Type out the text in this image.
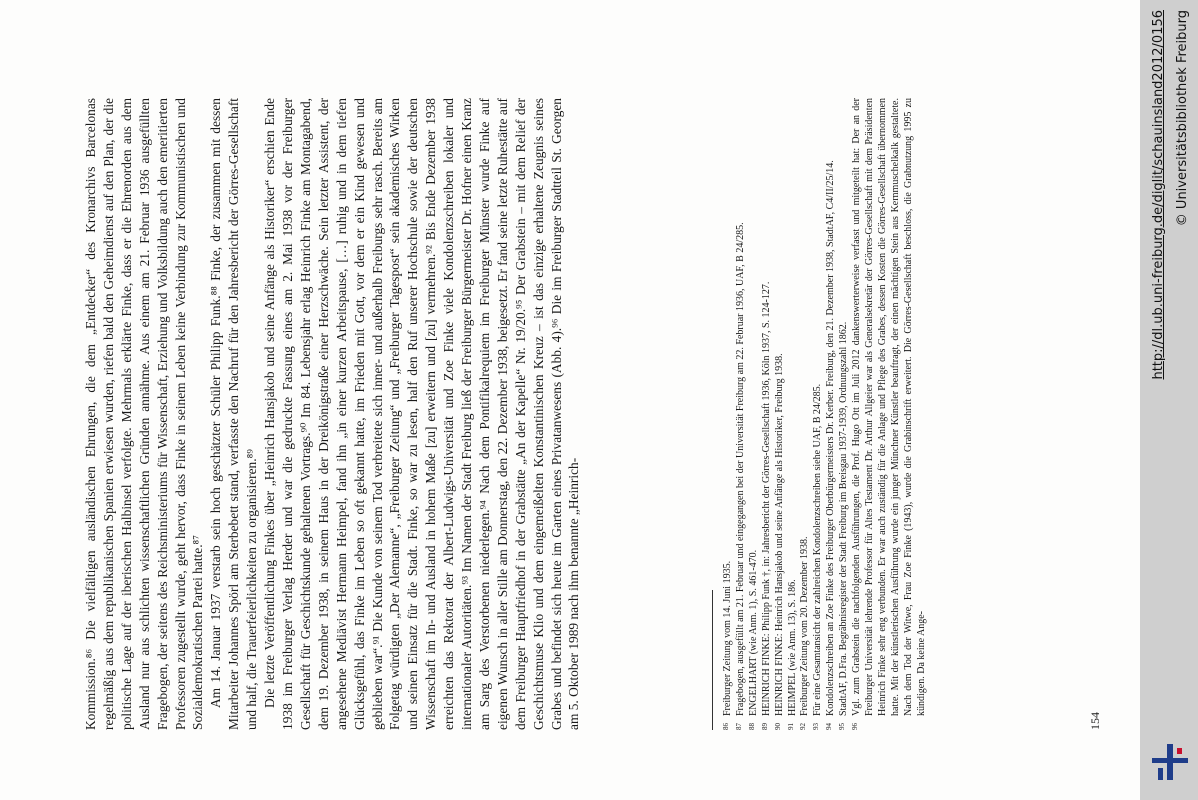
Kommission.⁸⁶ Die vielfältigen ausländischen Ehrungen, die dem „Entdecker“ des Kronarchivs Barcelonas regelmäßig aus dem republikanischen Spanien erwiesen wurden, riefen bald den Geheimdienst auf den Plan, der die politische Lage auf der iberischen Halbinsel verfolgte. Mehrmals erklärte Finke, dass er die Ehrenorden aus dem Ausland nur aus schlichten wissenschaftlichen Gründen annähme. Aus einem am 21. Februar 1936 ausgefüllten Fragebogen, der seitens des Reichsministeriums für Wissenschaft, Erziehung und Volksbildung auch den emeritierten Professoren zugestellt wurde, geht hervor, dass Finke in seinem Leben keine Verbindung zur Kommunistischen und Sozialdemokratischen Partei hatte.⁸⁷ Am 14. Januar 1937 verstarb sein hoch geschätzter Schüler Philipp Funk.⁸⁸ Finke, der zusammen mit dessen Mitarbeiter Johannes Spörl am Sterbebett stand, verfasste den Nachruf für den Jahresbericht der Görres-Gesellschaft und half, die Trauerfeierlichkeiten zu organisieren.⁸⁹ Die letzte Veröffentlichung Finkes über „Heinrich Hansjakob und seine Anfänge als Historiker“ erschien Ende 1938 im Freiburger Verlag Herder und war die gedruckte Fassung eines am 2. Mai 1938 vor der Freiburger Gesellschaft für Geschichtskunde gehaltenen Vortrags.⁹⁰ Im 84. Lebensjahr erlag Heinrich Finke am Montagabend, dem 19. Dezember 1938, in seinem Haus in der Dreikönigstraße einer Herzschwäche. Sein letzter Assistent, der angesehene Mediävist Hermann Heimpel, fand ihn „in einer kurzen Arbeitspause, […] ruhig und in dem tiefen Glücksgefühl, das Finke im Leben so oft gekannt hatte, im Frieden mit Gott, vor dem er ein Kind gewesen und geblieben war“.⁹¹ Die Kunde von seinem Tod verbreitete sich inner- und außerhalb Freiburgs sehr rasch. Bereits am Folgetag würdigten „Der Alemanne“, „Freiburger Zeitung“ und „Freiburger Tagespost“ sein akademisches Wirken und seinen Einsatz für die Stadt. Finke, so war zu lesen, half den Ruf unserer Hochschule sowie der deutschen Wissenschaft im In- und Ausland in hohem Maße [zu] erweitern und [zu] vermehren.⁹² Bis Ende Dezember 1938 erreichten das Rektorat der Albert-Ludwigs-Universität und Zoe Finke viele Kondolenzschreiben lokaler und internationaler Autoritäten.⁹³ Im Namen der Stadt Freiburg ließ der Freiburger Bürgermeister Dr. Hofner einen Kranz am Sarg des Verstorbenen niederlegen.⁹⁴ Nach dem Pontifikalrequiem im Freiburger Münster wurde Finke auf eigenen Wunsch in aller Stille am Donnerstag, den 22. Dezember 1938, beigesetzt. Er fand seine letzte Ruhestätte auf dem Freiburger Hauptfriedhof in der Grabstätte „An der Kapelle“ Nr. 19/20.⁹⁵ Der Grabstein – mit dem Relief der Geschichtsmuse Klio und dem eingemeißelten Konstantinischen Kreuz – ist das einzige erhaltene Zeugnis seines Grabes und befindet sich heute im Garten eines Privatanwesens (Abb. 4).⁹⁶ Die im Freiburger Stadtteil St. Georgen am 5. Oktober 1989 nach ihm benannte „Heinrich-	86
Freiburger Zeitung vom 14. Juni 1935.
87
Fragebogen, ausgefüllt am 21. Februar und eingegangen bei der Universität Freiburg am 22. Februar 1936, UAF, B 24/285.
88
ENGELHART (wie Anm. 1), S. 461-470.
89
HEINRICH FINKE: Philipp Funk †, in: Jahresbericht der Görres-Gesellschaft 1936, Köln 1937, S. 124-127.
90
HEINRICH FINKE: Heinrich Hansjakob und seine Anfänge als Historiker, Freiburg 1938.
91
HEIMPEL (wie Anm. 13), S. 186.
92
Freiburger Zeitung vom 20. Dezember 1938.
93
Für eine Gesamtansicht der zahlreichen Kondolenzschreiben siehe UAF, B 24/285.
94
Kondolenzschreiben an Zoe Finke des Freiburger Oberbürgermeisters Dr. Kerber. Freiburg, den 21. Dezember 1938, StadtAF, C4/II/25/14.
95
StadtAF, D.Fra. Begräbnisregister der Stadt Freiburg im Breisgau 1937-1939, Ordnungszahl 1862.
96
Vgl. zum Grabstein die nachfolgenden Ausführungen, die Prof. Hugo Ott im Juli 2012 dankenswerterweise verfasst und mitgeteilt hat: Der an der Freiburger Universität lehrende Professor für Altes Testament Dr. Arthur Allgeier war als Generalsekretär der Görres-Gesellschaft mit dem Präsidenten Heinrich Finke sehr eng verbunden. Er war auch zuständig für die Anlage und Pflege des Grabes, dessen Kosten die Görres-Gesellschaft übernommen hatte. Mit der künstlerischen Ausführung wurde ein junger Münchner Künstler beauftragt, der einen mächtigen Stein aus Kernmuschelkalk gestaltete. Nach dem Tod der Witwe, Frau Zoe Finke (1943), wurde die Grabinschrift erweitert. Die Görres-Gesellschaft beschloss, die Grabnutzung 1995 zu kündigen. Da keine Ange-
154
http://dl.ub.uni-freiburg.de/diglit/schauinsland2012/0156 © Universitätsbibliothek Freiburg
